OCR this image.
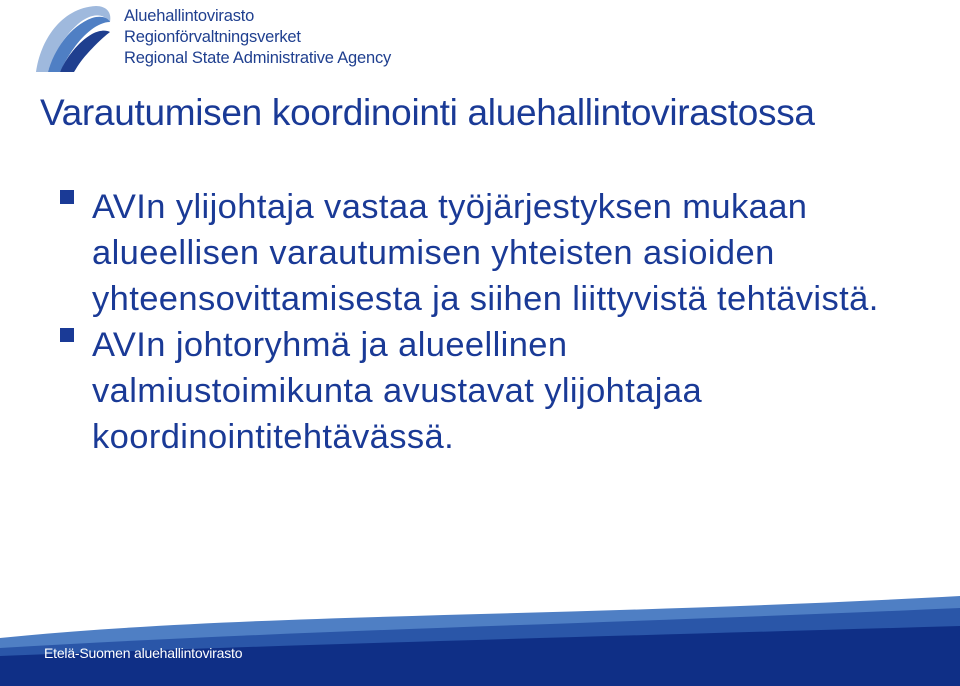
Aluehallintovirasto
Regionförvaltningsverket
Regional State Administrative Agency
Varautumisen koordinointi aluehallintovirastossa
AVIn ylijohtaja vastaa työjärjestyksen mukaan alueellisen varautumisen yhteisten asioiden yhteensovittamisesta ja siihen liittyvistä tehtävistä.
AVIn johtoryhmä ja alueellinen valmiustoimikunta avustavat ylijohtajaa koordinointitehtävässä.
Etelä-Suomen aluehallintovirasto
